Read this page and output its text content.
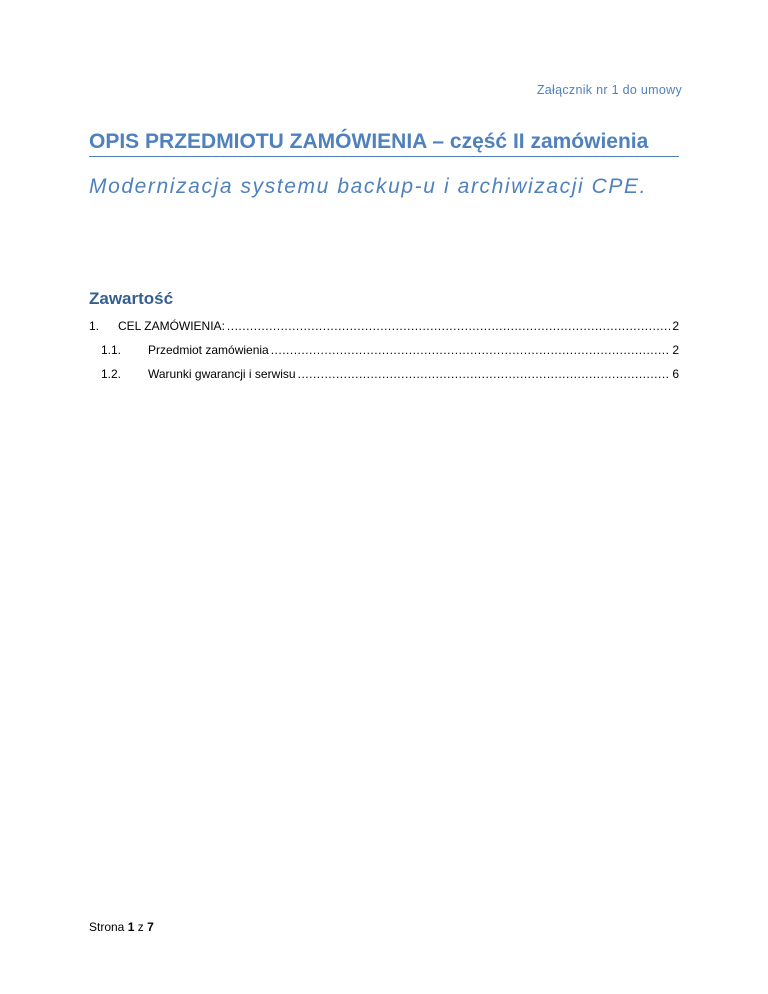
Załącznik nr 1 do umowy
OPIS PRZEDMIOTU ZAMÓWIENIA – część II zamówienia
Modernizacja systemu backup-u i archiwizacji CPE.
Zawartość
1.	CEL ZAMÓWIENIA: .....	2
1.1.	Przedmiot zamówienia .....	2
1.2.	Warunki gwarancji i serwisu .....	6
Strona 1 z 7
